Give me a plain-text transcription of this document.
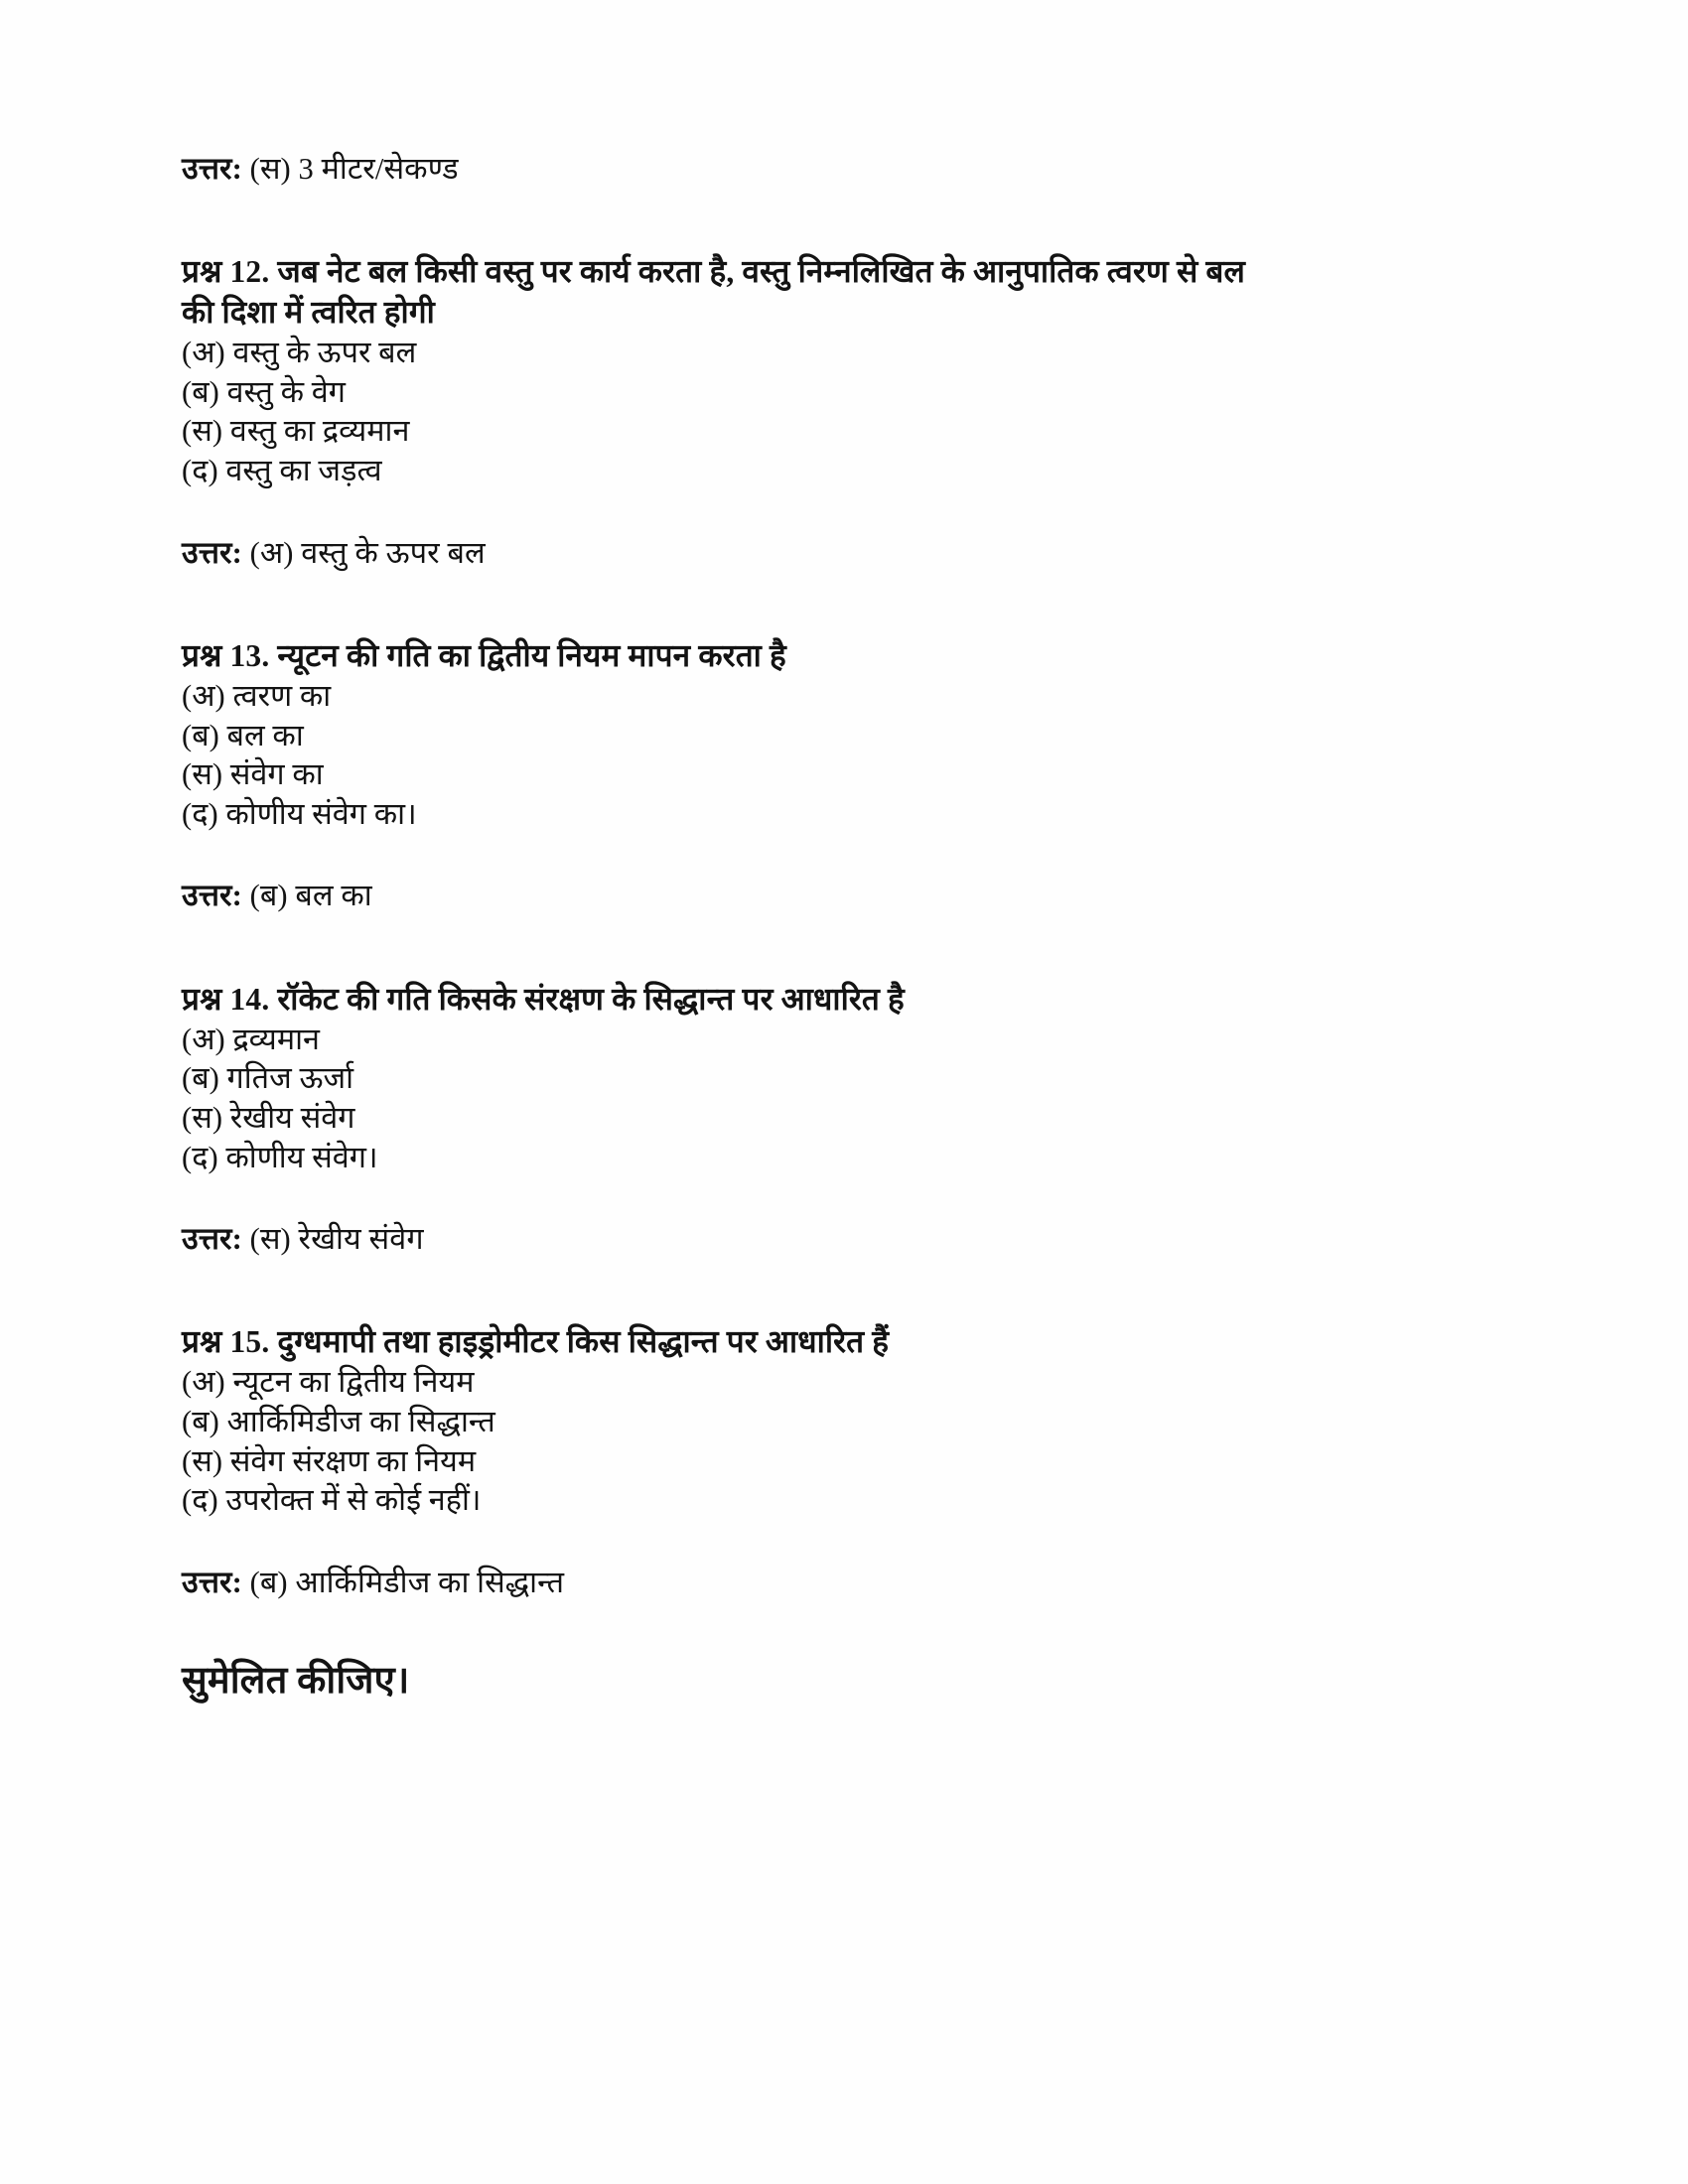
उत्तर: (स) 3 मीटर/सेकण्ड

प्रश्न 12. जब नेट बल किसी वस्तु पर कार्य करता है, वस्तु निम्नलिखित के आनुपातिक त्वरण से बल

की दिशा में त्वरित होगी

(अ) वस्तु के ऊपर बल

(ब) वस्तु के वेग

(स) वस्तु का द्रव्यमान

(द) वस्तु का जड़त्व

उत्तर: (अ) वस्तु के ऊपर बल

प्रश्न 13. न्यूटन की गति का द्वितीय नियम मापन करता है

(अ) त्वरण का

(ब) बल का

(स) संवेग का

(द) कोणीय संवेग का।

उत्तर: (ब) बल का

प्रश्न 14. रॉकेट की गति किसके संरक्षण के सिद्धान्त पर आधारित है

(अ) द्रव्यमान

(ब) गतिज ऊर्जा

(स) रेखीय संवेग

(द) कोणीय संवेग।

उत्तर: (स) रेखीय संवेग

प्रश्न 15. दुग्धमापी तथा हाइड्रोमीटर किस सिद्धान्त पर आधारित हैं

(अ) न्यूटन का द्वितीय नियम

(ब) आर्किमिडीज का सिद्धान्त

(स) संवेग संरक्षण का नियम

(द) उपरोक्त में से कोई नहीं।

उत्तर: (ब) आर्किमिडीज का सिद्धान्त

सुमेलित कीजिए।
